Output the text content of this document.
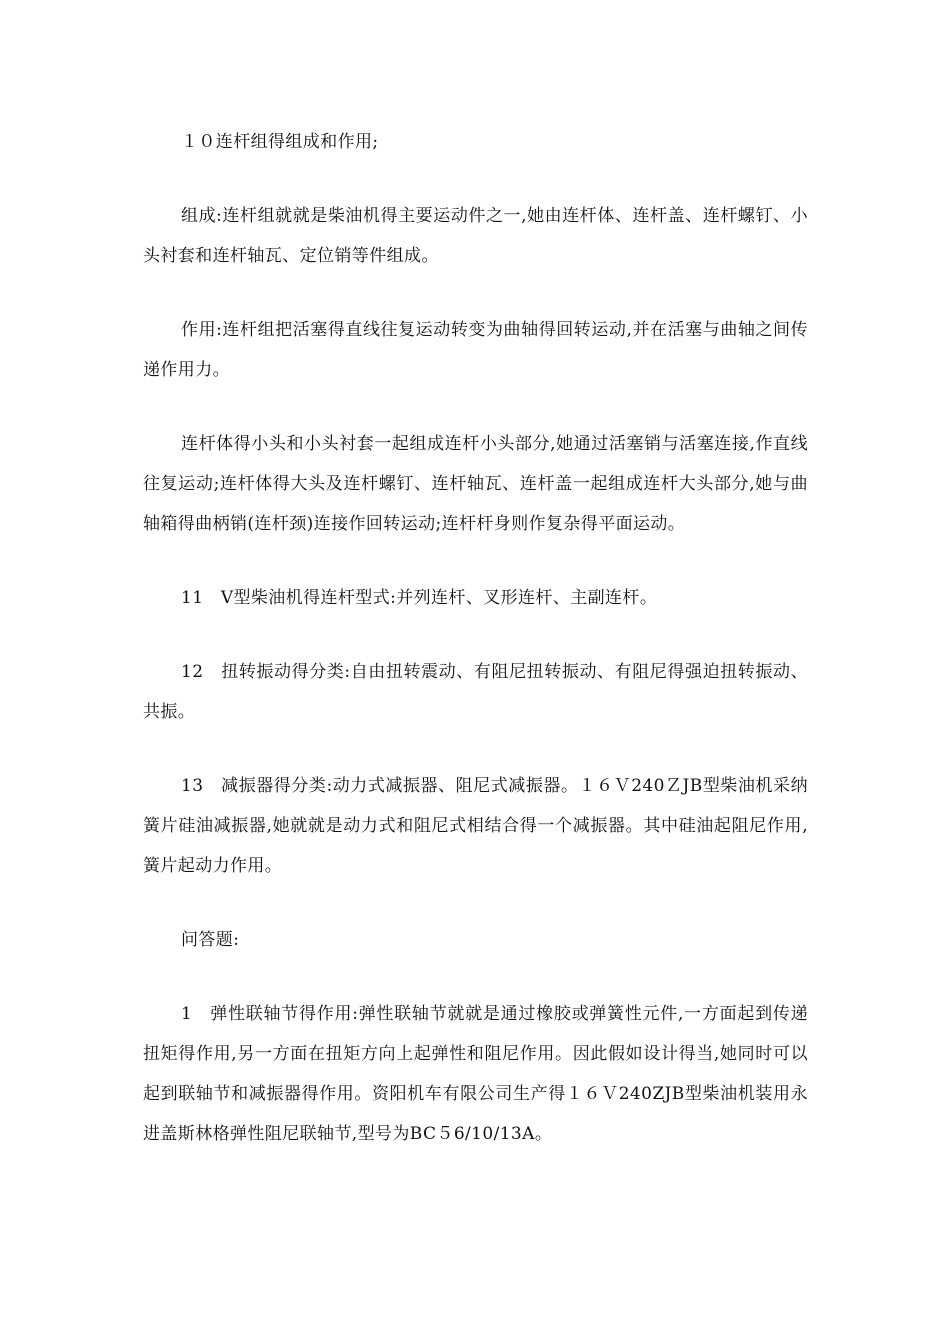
１０连杆组得组成和作用;

组成:连杆组就就是柴油机得主要运动件之一,她由连杆体、连杆盖、连杆螺钉、小头衬套和连杆轴瓦、定位销等件组成。

作用:连杆组把活塞得直线往复运动转变为曲轴得回转运动,并在活塞与曲轴之间传递作用力。

连杆体得小头和小头衬套一起组成连杆小头部分,她通过活塞销与活塞连接,作直线往复运动;连杆体得大头及连杆螺钉、连杆轴瓦、连杆盖一起组成连杆大头部分,她与曲轴箱得曲柄销(连杆颈)连接作回转运动;连杆杆身则作复杂得平面运动。

11　V型柴油机得连杆型式:并列连杆、叉形连杆、主副连杆。

12　扭转振动得分类:自由扭转震动、有阻尼扭转振动、有阻尼得强迫扭转振动、共振。

13　减振器得分类:动力式减振器、阻尼式减振器。１６Ｖ240ＺJB型柴油机采纳簧片硅油减振器,她就就是动力式和阻尼式相结合得一个减振器。其中硅油起阻尼作用,簧片起动力作用。

问答题:

1　弹性联轴节得作用:弹性联轴节就就是通过橡胶或弹簧性元件,一方面起到传递扭矩得作用,另一方面在扭矩方向上起弹性和阻尼作用。因此假如设计得当,她同时可以起到联轴节和减振器得作用。资阳机车有限公司生产得１６Ｖ240ZJB型柴油机装用永进盖斯林格弹性阻尼联轴节,型号为BC５6/10/13A。
